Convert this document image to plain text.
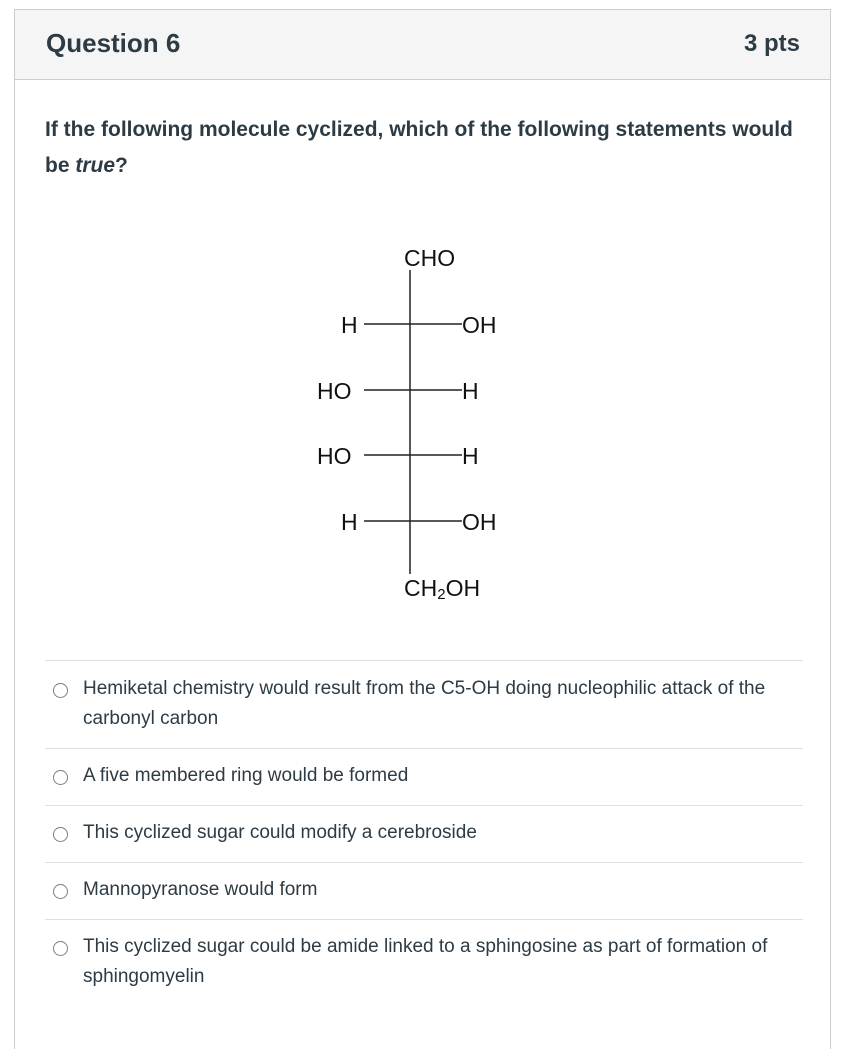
Question 6	3 pts
If the following molecule cyclized, which of the following statements would be true?
CHO
H	OH
HO	H
HO	H
H	OH
$CH_2OH$
Hemiketal chemistry would result from the C5-OH doing nucleophilic attack of the carbonyl carbon
A five membered ring would be formed
This cyclized sugar could modify a cerebroside
Mannopyranose would form
This cyclized sugar could be amide linked to a sphingosine as part of formation of sphingomyelin
